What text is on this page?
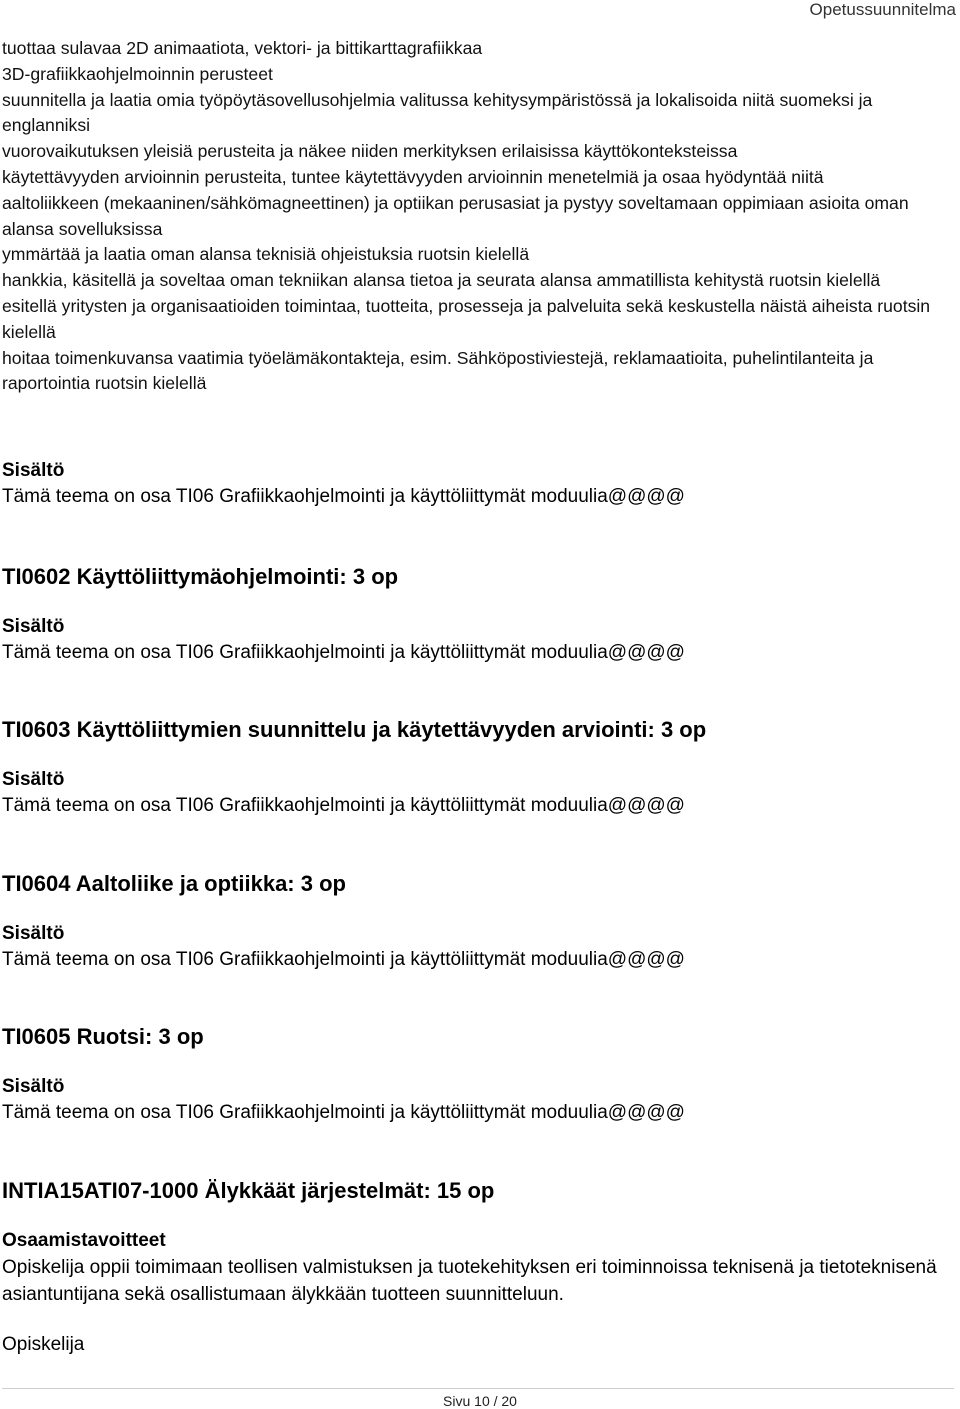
Opetussuunnitelma
tuottaa sulavaa 2D animaatiota, vektori- ja bittikarttagrafiikkaa
3D-grafiikkaohjelmoinnin perusteet
suunnitella ja laatia omia työpöytäsovellusohjelmia valitussa kehitysympäristössä ja lokalisoida niitä suomeksi ja englanniksi
vuorovaikutuksen yleisiä perusteita ja näkee niiden merkityksen erilaisissa käyttökonteksteissa
käytettävyyden arvioinnin perusteita, tuntee käytettävyyden arvioinnin menetelmiä ja osaa hyödyntää niitä
aaltoliikkeen (mekaaninen/sähkömagneettinen) ja optiikan perusasiat ja pystyy soveltamaan oppimiaan asioita oman alansa sovelluksissa
ymmärtää ja laatia oman alansa teknisiä ohjeistuksia ruotsin kielellä
hankkia, käsitellä ja soveltaa oman tekniikan alansa tietoa ja seurata alansa ammatillista kehitystä ruotsin kielellä
esitellä yritysten ja organisaatioiden toimintaa, tuotteita, prosesseja ja palveluita sekä keskustella näistä aiheista ruotsin kielellä
hoitaa toimenkuvansa vaatimia työelämäkontakteja, esim. Sähköpostiviestejä, reklamaatioita, puhelintilanteita ja raportointia ruotsin kielellä
Sisältö
Tämä teema on osa TI06 Grafiikkaohjelmointi ja käyttöliittymät moduulia@@@@
TI0602 Käyttöliittymäohjelmointi: 3 op
Sisältö
Tämä teema on osa TI06 Grafiikkaohjelmointi ja käyttöliittymät moduulia@@@@
TI0603 Käyttöliittymien suunnittelu ja käytettävyyden arviointi: 3 op
Sisältö
Tämä teema on osa TI06 Grafiikkaohjelmointi ja käyttöliittymät moduulia@@@@
TI0604 Aaltoliike ja optiikka: 3 op
Sisältö
Tämä teema on osa TI06 Grafiikkaohjelmointi ja käyttöliittymät moduulia@@@@
TI0605 Ruotsi: 3 op
Sisältö
Tämä teema on osa TI06 Grafiikkaohjelmointi ja käyttöliittymät moduulia@@@@
INTIA15ATI07-1000 Älykkäät järjestelmät: 15 op
Osaamistavoitteet
Opiskelija oppii toimimaan teollisen valmistuksen ja tuotekehityksen eri toiminnoissa teknisenä ja tietoteknisenä asiantuntijana sekä osallistumaan älykkään tuotteen suunnitteluun.
Opiskelija
Sivu 10 / 20
